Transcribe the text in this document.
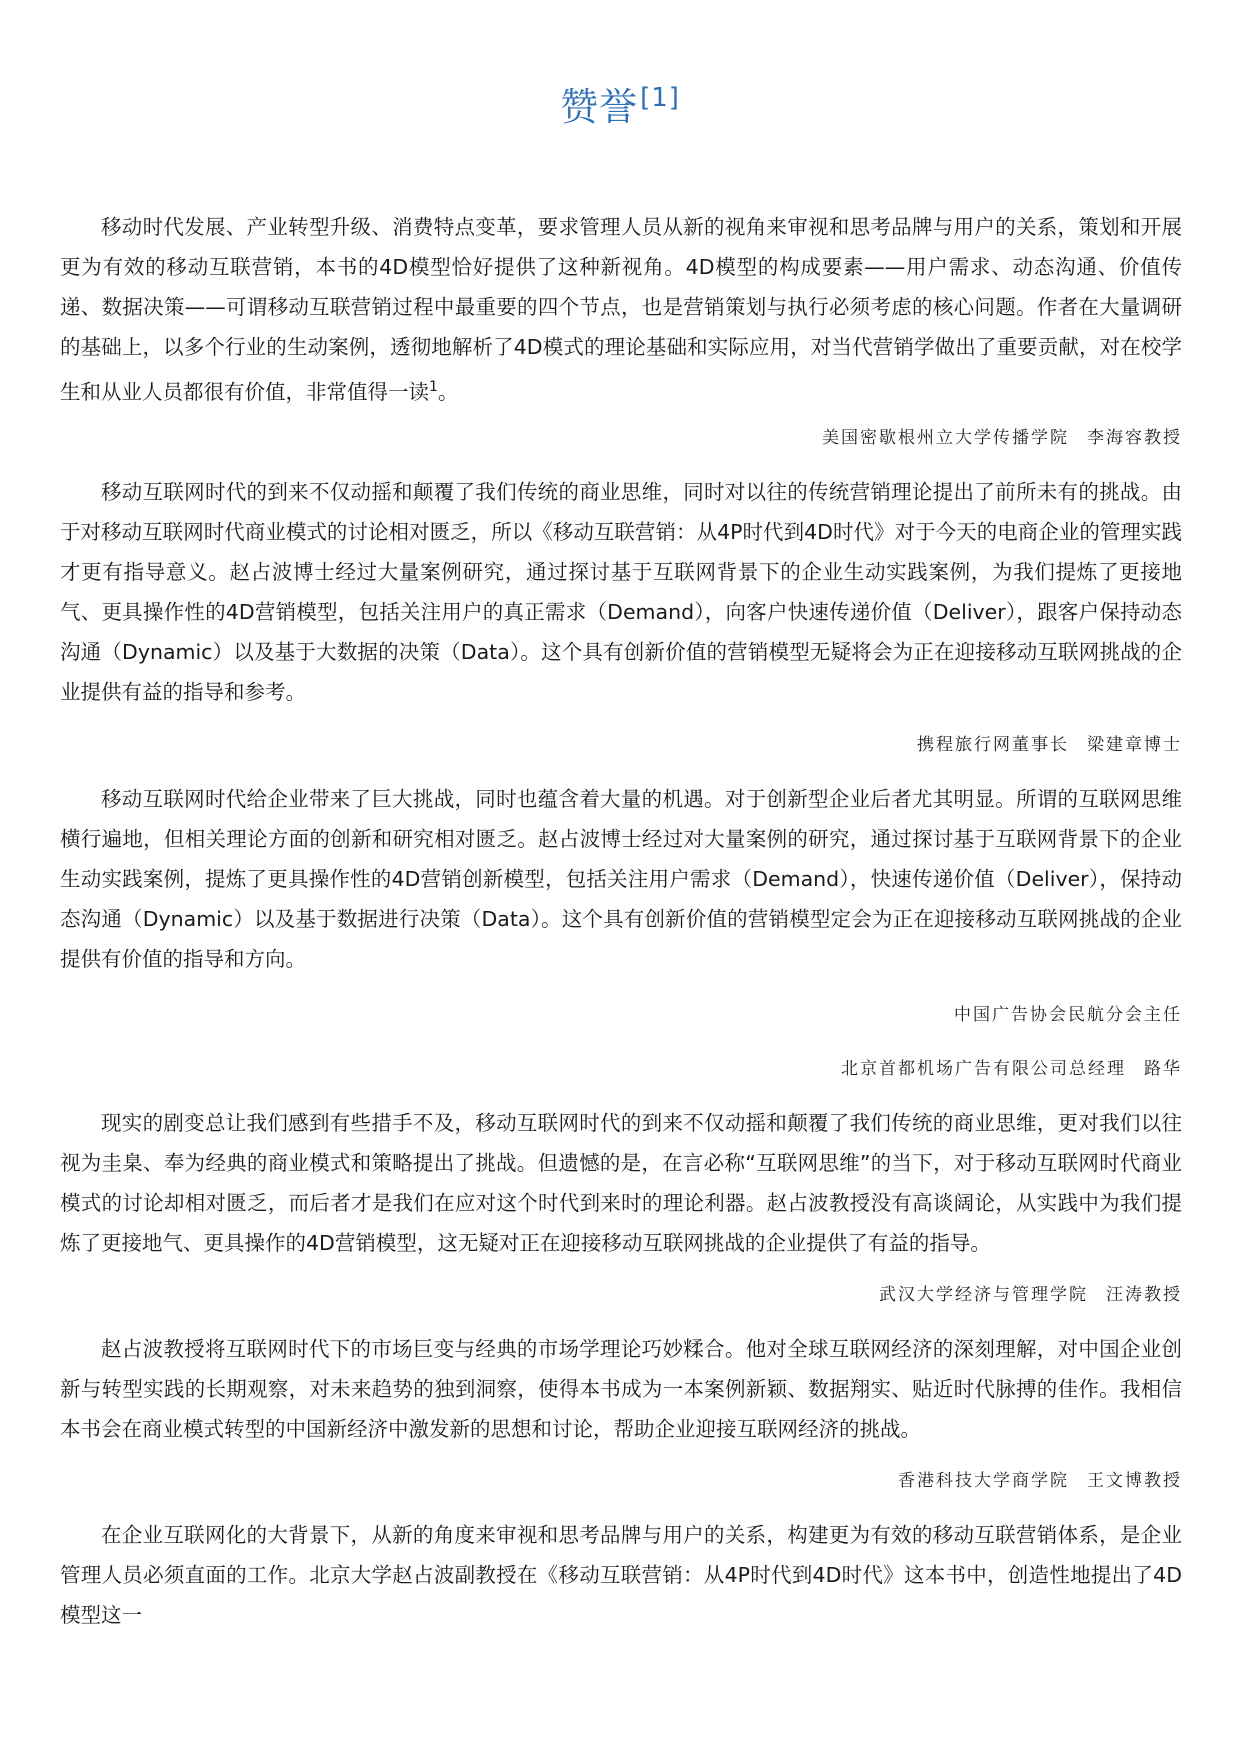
赞誉[1]

移动时代发展、产业转型升级、消费特点变革，要求管理人员从新的视角来审视和思考品牌与用户的关系，策划和开展更为有效的移动互联营销，本书的4D模型恰好提供了这种新视角。4D模型的构成要素——用户需求、动态沟通、价值传递、数据决策——可谓移动互联营销过程中最重要的四个节点，也是营销策划与执行必须考虑的核心问题。作者在大量调研的基础上，以多个行业的生动案例，透彻地解析了4D模式的理论基础和实际应用，对当代营销学做出了重要贡献，对在校学生和从业人员都很有价值，非常值得一读$^1$。

美国密歇根州立大学传播学院 李海容教授

移动互联网时代的到来不仅动摇和颠覆了我们传统的商业思维，同时对以往的传统营销理论提出了前所未有的挑战。由于对移动互联网时代商业模式的讨论相对匮乏，所以《移动互联营销：从4P时代到4D时代》对于今天的电商企业的管理实践才更有指导意义。赵占波博士经过大量案例研究，通过探讨基于互联网背景下的企业生动实践案例，为我们提炼了更接地气、更具操作性的4D营销模型，包括关注用户的真正需求（Demand），向客户快速传递价值（Deliver），跟客户保持动态沟通（Dynamic）以及基于大数据的决策（Data）。这个具有创新价值的营销模型无疑将会为正在迎接移动互联网挑战的企业提供有益的指导和参考。

携程旅行网董事长 梁建章博士

移动互联网时代给企业带来了巨大挑战，同时也蕴含着大量的机遇。对于创新型企业后者尤其明显。所谓的互联网思维横行遍地，但相关理论方面的创新和研究相对匮乏。赵占波博士经过对大量案例的研究，通过探讨基于互联网背景下的企业生动实践案例，提炼了更具操作性的4D营销创新模型，包括关注用户需求（Demand），快速传递价值（Deliver），保持动态沟通（Dynamic）以及基于数据进行决策（Data）。这个具有创新价值的营销模型定会为正在迎接移动互联网挑战的企业提供有价值的指导和方向。

中国广告协会民航分会主任
北京首都机场广告有限公司总经理 路华

现实的剧变总让我们感到有些措手不及，移动互联网时代的到来不仅动摇和颠覆了我们传统的商业思维，更对我们以往视为圭臬、奉为经典的商业模式和策略提出了挑战。但遗憾的是，在言必称“互联网思维”的当下，对于移动互联网时代商业模式的讨论却相对匮乏，而后者才是我们在应对这个时代到来时的理论利器。赵占波教授没有高谈阔论，从实践中为我们提炼了更接地气、更具操作的4D营销模型，这无疑对正在迎接移动互联网挑战的企业提供了有益的指导。

武汉大学经济与管理学院 汪涛教授

赵占波教授将互联网时代下的市场巨变与经典的市场学理论巧妙糅合。他对全球互联网经济的深刻理解，对中国企业创新与转型实践的长期观察，对未来趋势的独到洞察，使得本书成为一本案例新颖、数据翔实、贴近时代脉搏的佳作。我相信本书会在商业模式转型的中国新经济中激发新的思想和讨论，帮助企业迎接互联网经济的挑战。

香港科技大学商学院 王文博教授

在企业互联网化的大背景下，从新的角度来审视和思考品牌与用户的关系，构建更为有效的移动互联营销体系，是企业管理人员必须直面的工作。北京大学赵占波副教授在《移动互联营销：从4P时代到4D时代》这本书中，创造性地提出了4D模型这一
